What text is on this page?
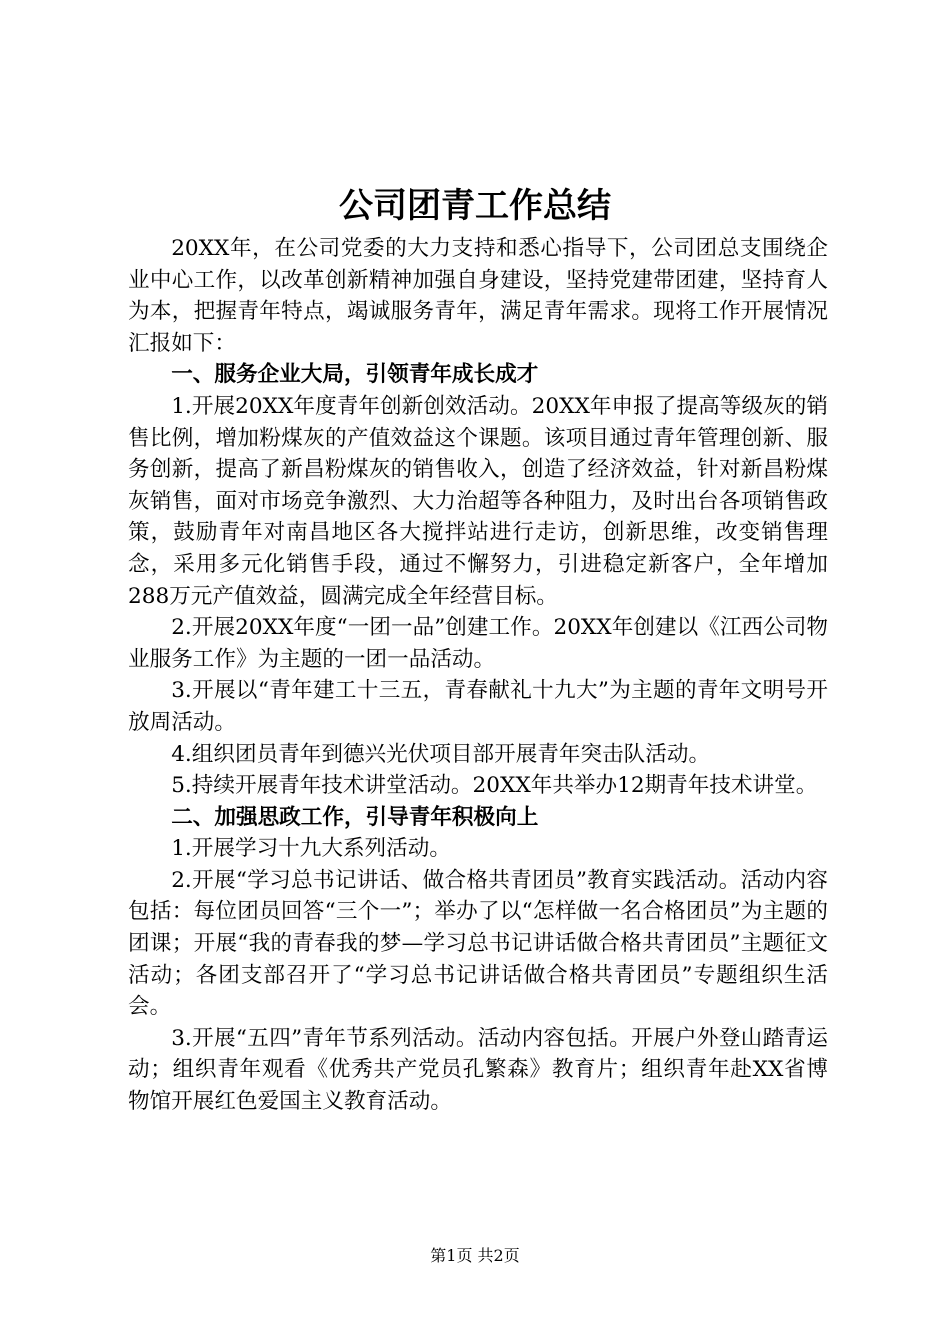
公司团青工作总结

20XX年，在公司党委的大力支持和悉心指导下，公司团总支围绕企业中心工作，以改革创新精神加强自身建设，坚持党建带团建，坚持育人为本，把握青年特点，竭诚服务青年，满足青年需求。现将工作开展情况汇报如下：

一、服务企业大局，引领青年成长成才

1.开展20XX年度青年创新创效活动。20XX年申报了提高等级灰的销售比例，增加粉煤灰的产值效益这个课题。该项目通过青年管理创新、服务创新，提高了新昌粉煤灰的销售收入，创造了经济效益，针对新昌粉煤灰销售，面对市场竞争激烈、大力治超等各种阻力，及时出台各项销售政策，鼓励青年对南昌地区各大搅拌站进行走访，创新思维，改变销售理念，采用多元化销售手段，通过不懈努力，引进稳定新客户，全年增加288万元产值效益，圆满完成全年经营目标。

2.开展20XX年度“一团一品”创建工作。20XX年创建以《江西公司物业服务工作》为主题的一团一品活动。

3.开展以“青年建工十三五，青春献礼十九大”为主题的青年文明号开放周活动。

4.组织团员青年到德兴光伏项目部开展青年突击队活动。

5.持续开展青年技术讲堂活动。20XX年共举办12期青年技术讲堂。

二、加强思政工作，引导青年积极向上

1.开展学习十九大系列活动。

2.开展“学习总书记讲话、做合格共青团员”教育实践活动。活动内容包括：每位团员回答“三个一”；举办了以“怎样做一名合格团员”为主题的团课；开展“我的青春我的梦—学习总书记讲话做合格共青团员”主题征文活动；各团支部召开了“学习总书记讲话做合格共青团员”专题组织生活会。

3.开展“五四”青年节系列活动。活动内容包括。开展户外登山踏青运动；组织青年观看《优秀共产党员孔繁森》教育片；组织青年赴XX省博物馆开展红色爱国主义教育活动。

第1页 共2页
